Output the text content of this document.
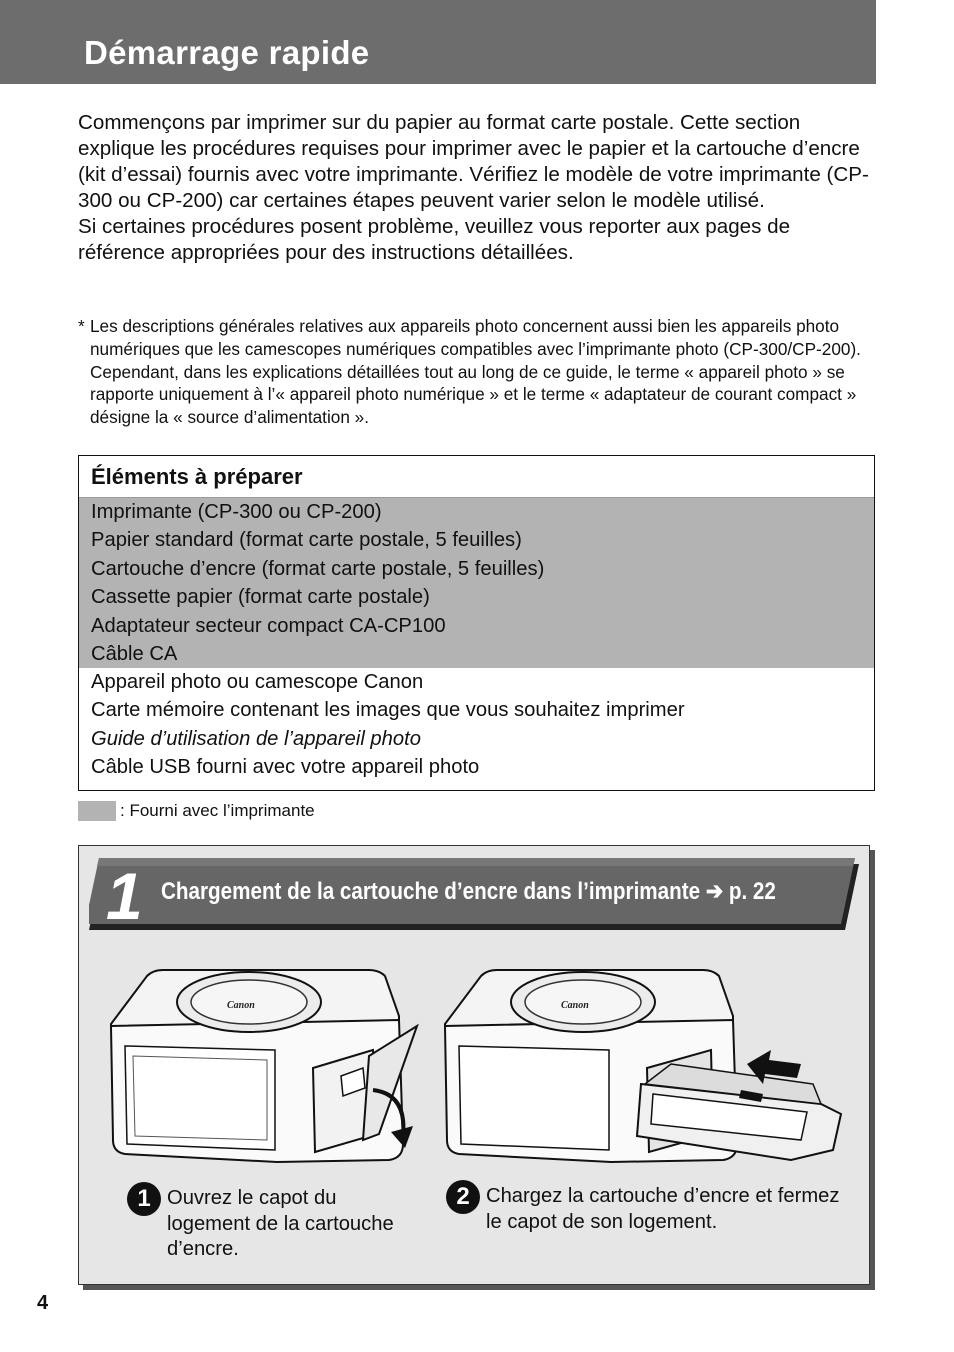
Démarrage rapide

Commençons par imprimer sur du papier au format carte postale. Cette section explique les procédures requises pour imprimer avec le papier et la cartouche d’encre (kit d’essai) fournis avec votre imprimante. Vérifiez le modèle de votre imprimante (CP-300 ou CP-200) car certaines étapes peuvent varier selon le modèle utilisé.

Si certaines procédures posent problème, veuillez vous reporter aux pages de référence appropriées pour des instructions détaillées.

* Les descriptions générales relatives aux appareils photo concernent aussi bien les appareils photo numériques que les camescopes numériques compatibles avec l’imprimante photo (CP-300/CP-200). Cependant, dans les explications détaillées tout au long de ce guide, le terme « appareil photo » se rapporte uniquement à l’« appareil photo numérique » et le terme « adaptateur de courant compact » désigne la « source d’alimentation ».
Éléments à préparer
Imprimante (CP-300 ou CP-200)
Papier standard (format carte postale, 5 feuilles)
Cartouche d’encre (format carte postale, 5 feuilles)
Cassette papier (format carte postale)
Adaptateur secteur compact CA-CP100
Câble CA
Appareil photo ou camescope Canon
Carte mémoire contenant les images que vous souhaitez imprimer
Guide d’utilisation de l’appareil photo
Câble USB fourni avec votre appareil photo
: Fourni avec l’imprimante
1 Chargement de la cartouche d’encre dans l’imprimante ➔ p. 22
Canon	Canon
1 Ouvrez le capot du logement de la cartouche d’encre.
2 Chargez la cartouche d’encre et fermez le capot de son logement.
4
